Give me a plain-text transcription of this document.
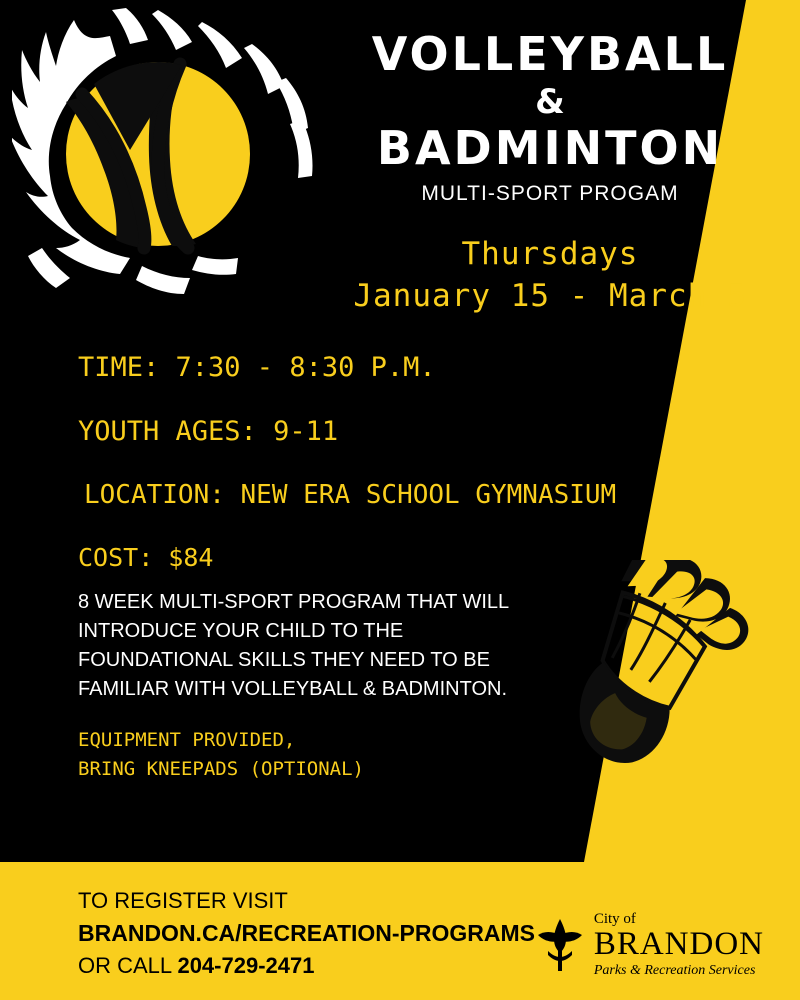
VOLLEYBALL
&
BADMINTON
MULTI-SPORT PROGAM
Thursdays
January 15 - March 5
TIME: 7:30 - 8:30 P.M.
YOUTH AGES: 9-11
LOCATION: NEW ERA SCHOOL GYMNASIUM
COST: $84
8 WEEK MULTI-SPORT PROGRAM THAT WILL INTRODUCE YOUR CHILD TO THE FOUNDATIONAL SKILLS THEY NEED TO BE FAMILIAR WITH VOLLEYBALL & BADMINTON.
EQUIPMENT PROVIDED,
BRING KNEEPADS (OPTIONAL)
TO REGISTER VISIT
BRANDON.CA/RECREATION-PROGRAMS
OR CALL 204-729-2471
City of
BRANDON
Parks & Recreation Services
